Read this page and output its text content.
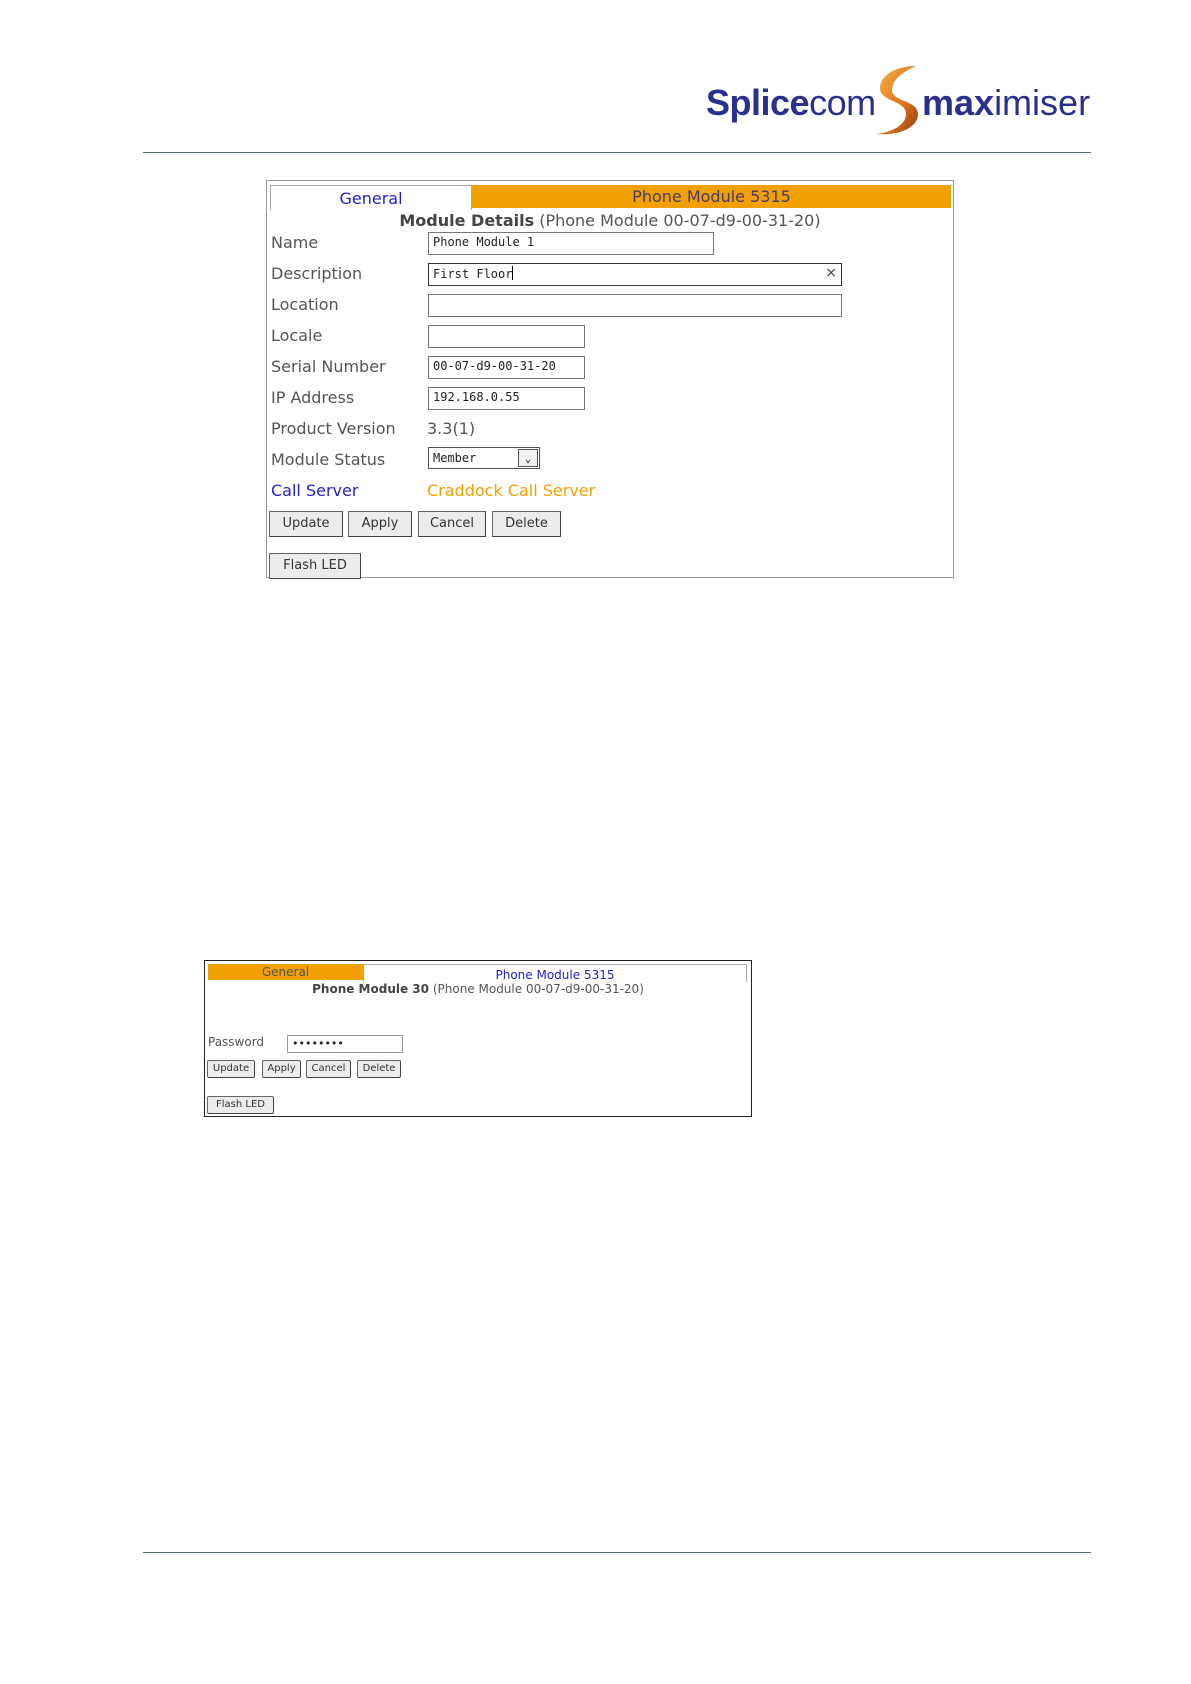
Splicecom maximiser
General	Phone Module 5315
Module Details (Phone Module 00-07-d9-00-31-20)
Name	Phone Module 1
Description	First Floor	×
Location
Locale
Serial Number	00-07-d9-00-31-20
IP Address	192.168.0.55
Product Version 3.3(1)
Module Status	Member	⌄
Call Server	Craddock Call Server
Update	Apply	Cancel	Delete
Flash LED
General	Phone Module 5315
Phone Module 30 (Phone Module 00-07-d9-00-31-20)
Password	••••••••
Update	Apply	Cancel	Delete
Flash LED
